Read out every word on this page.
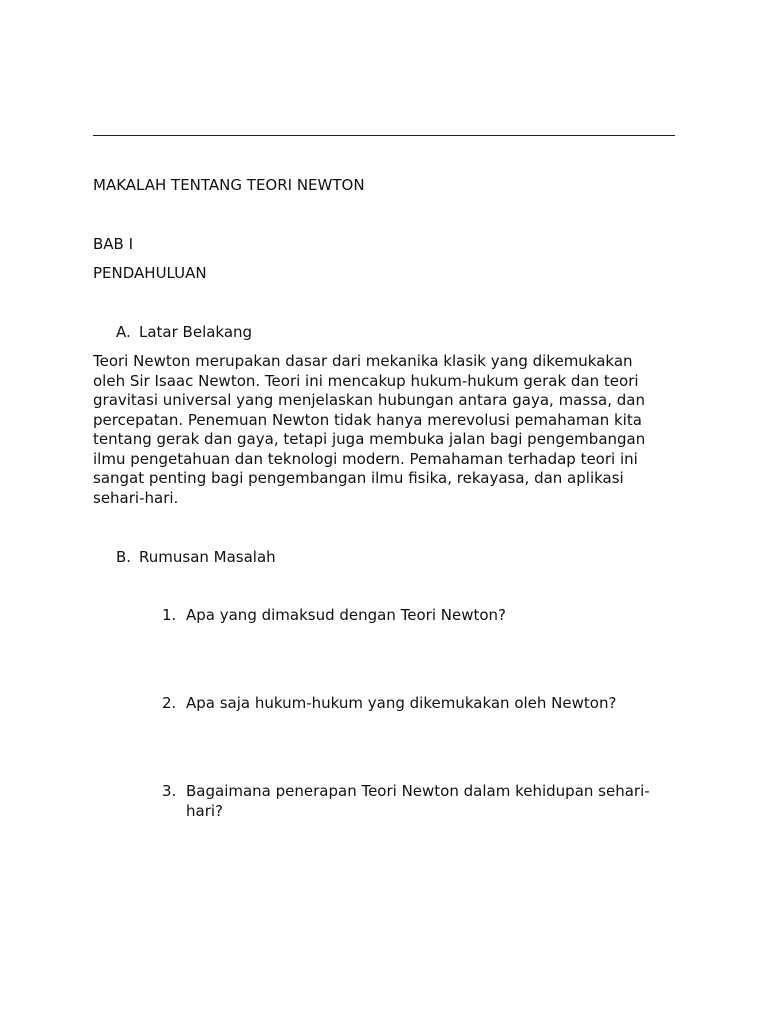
MAKALAH TENTANG TEORI NEWTON
BAB I
PENDAHULUAN
A. Latar Belakang
Teori Newton merupakan dasar dari mekanika klasik yang dikemukakan
oleh Sir Isaac Newton. Teori ini mencakup hukum-hukum gerak dan teori
gravitasi universal yang menjelaskan hubungan antara gaya, massa, dan
percepatan. Penemuan Newton tidak hanya merevolusi pemahaman kita
tentang gerak dan gaya, tetapi juga membuka jalan bagi pengembangan
ilmu pengetahuan dan teknologi modern. Pemahaman terhadap teori ini
sangat penting bagi pengembangan ilmu fisika, rekayasa, dan aplikasi
sehari-hari.
B. Rumusan Masalah
1. Apa yang dimaksud dengan Teori Newton?
2. Apa saja hukum-hukum yang dikemukakan oleh Newton?
3. Bagaimana penerapan Teori Newton dalam kehidupan sehari-
hari?
